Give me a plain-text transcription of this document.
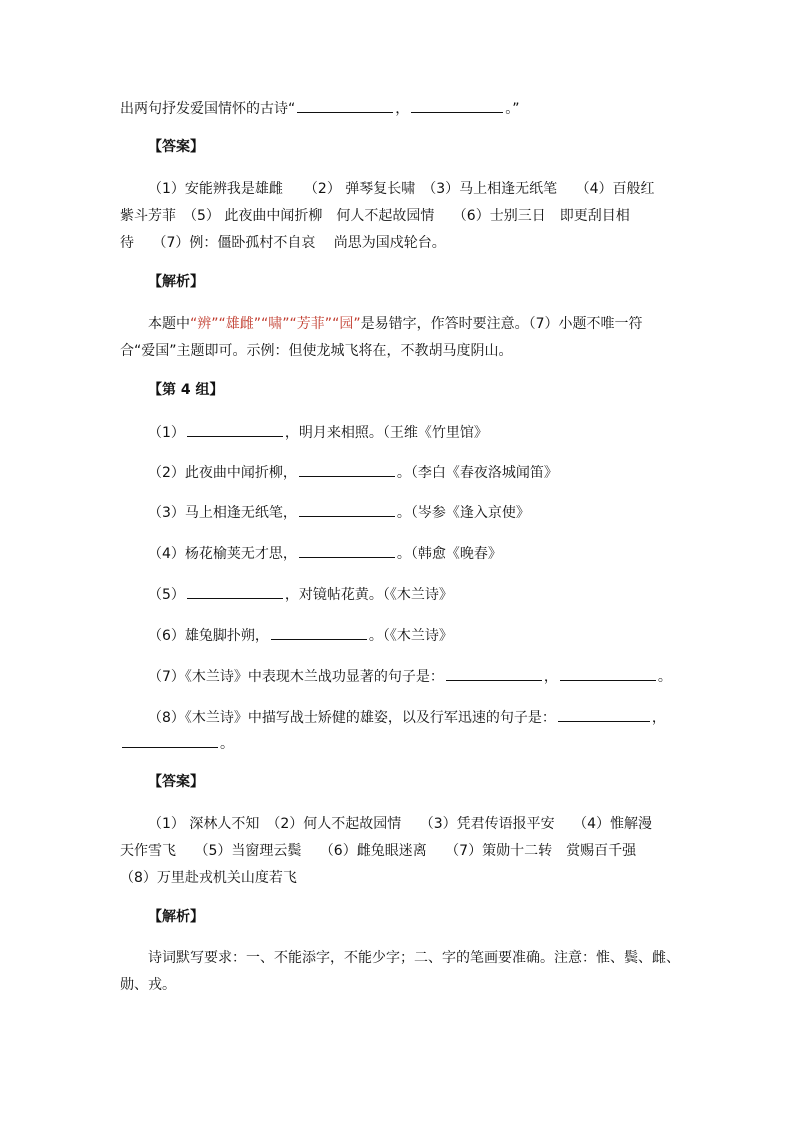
出两句抒发爱国情怀的古诗“	，	。”
【答案】
（1）安能辨我是雄雌　　（2） 弹琴复长啸　（3）马上相逢无纸笔　 （4）百般红
紫斗芳菲　（5） 此夜曲中闻折柳　何人不起故园情　 （6）士别三日　即更刮目相
待　 （7）例：僵卧孤村不自哀　 尚思为国戍轮台。
【解析】
本题中“辨”“雄雌”“啸”“芳菲”“园”是易错字，作答时要注意。（7）小题不唯一符
合“爱国”主题即可。示例：但使龙城飞将在，不教胡马度阴山。
【第 4 组】
（1）	，明月来相照。（王维《竹里馆》
（2）此夜曲中闻折柳，	。（李白《春夜洛城闻笛》
（3）马上相逢无纸笔，	。（岑参《逢入京使》
（4）杨花榆荚无才思，	。（韩愈《晚春》
（5）	，对镜帖花黄。（《木兰诗》
（6）雄兔脚扑朔，	。（《木兰诗》
（7）《木兰诗》中表现木兰战功显著的句子是：	，	。
（8）《木兰诗》中描写战士矫健的雄姿，以及行军迅速的句子是：	，
。
【答案】
（1） 深林人不知　（2）何人不起故园情　 （3）凭君传语报平安　 （4）惟解漫
天作雪飞　 （5）当窗理云鬓　 （6）雌兔眼迷离　 （7）策勋十二转　赏赐百千强
（8）万里赴戎机关山度若飞
【解析】
诗词默写要求：一、不能添字，不能少字；二、字的笔画要准确。注意：惟、鬓、雌、
勋、戎。
